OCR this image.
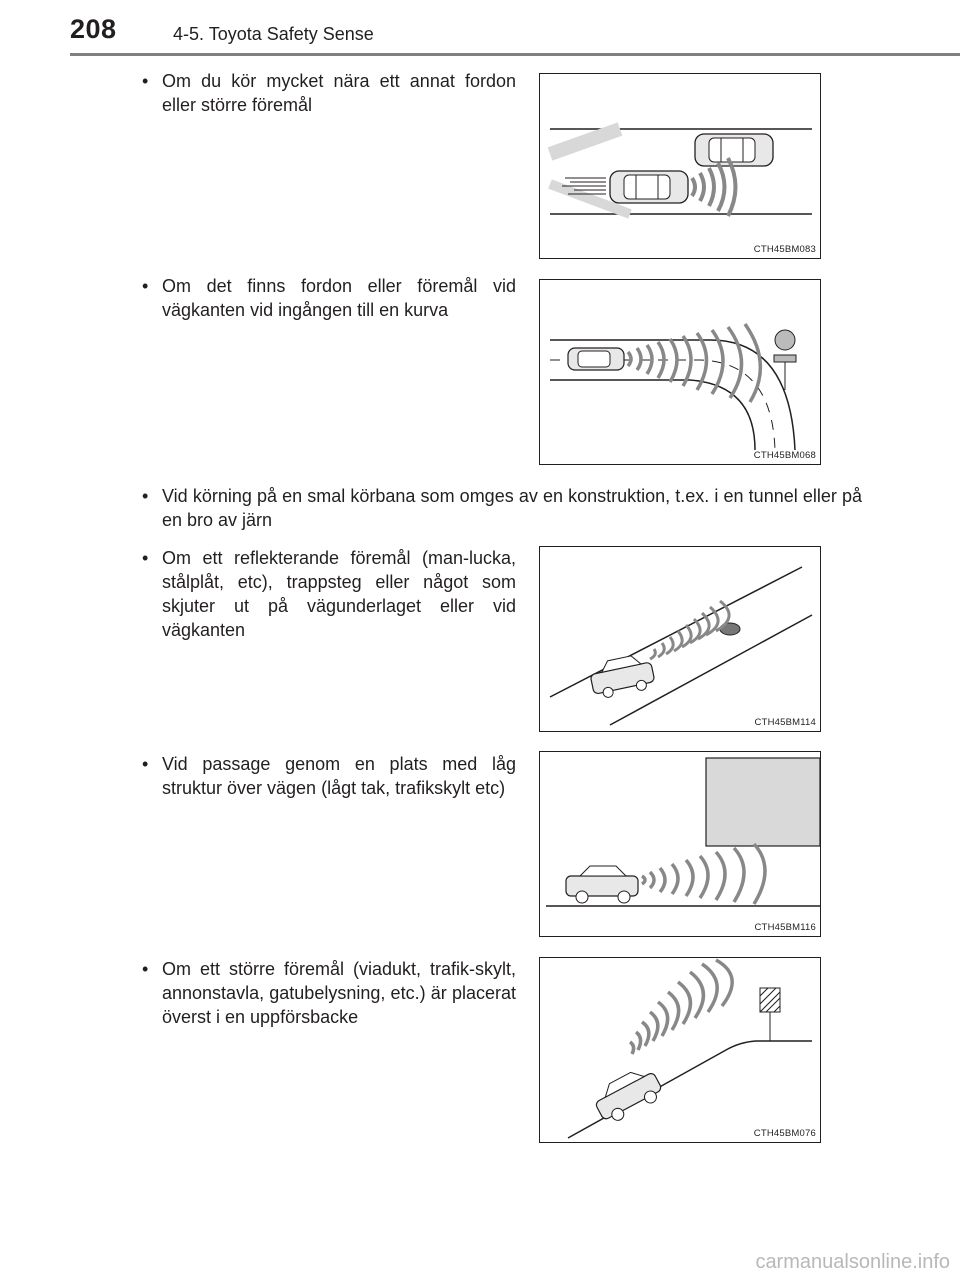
208	4-5. Toyota Safety Sense
• Om du kör mycket nära ett annat fordon eller större föremål
CTH45BM083
• Om det finns fordon eller föremål vid vägkanten vid ingången till en kurva
CTH45BM068
• Vid körning på en smal körbana som omges av en konstruktion, t.ex. i en tunnel eller på en bro av järn
• Om ett reflekterande föremål (man-lucka, stålplåt, etc), trappsteg eller något som skjuter ut på vägunderlaget eller vid vägkanten
CTH45BM114
• Vid passage genom en plats med låg struktur över vägen (lågt tak, trafikskylt etc)
CTH45BM116
• Om ett större föremål (viadukt, trafik-skylt, annonstavla, gatubelysning, etc.) är placerat överst i en uppförsbacke
CTH45BM076
carmanualsonline.info
